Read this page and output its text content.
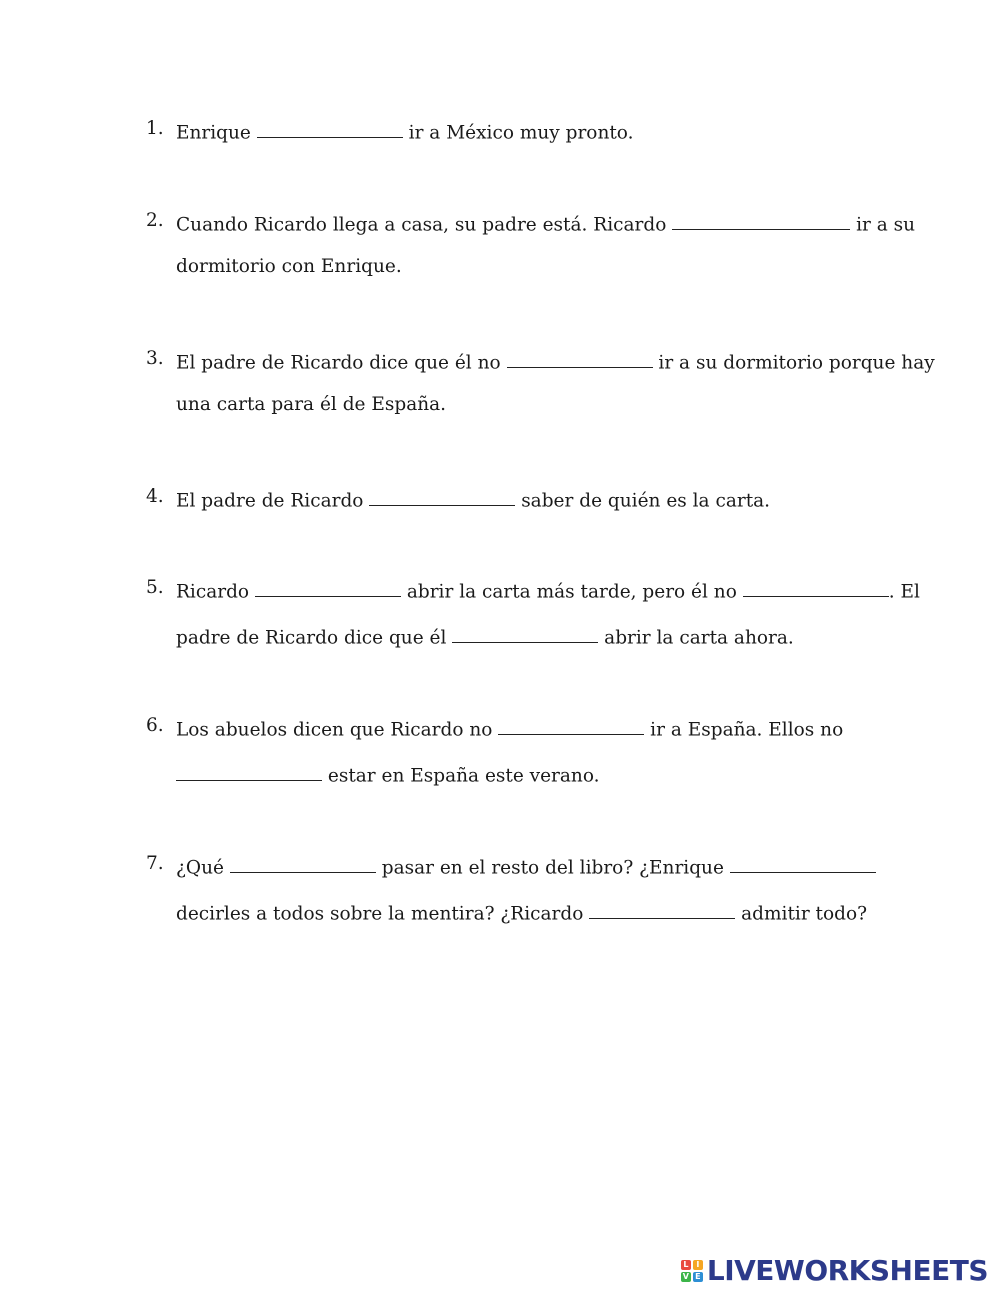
1. Enrique	ir a México muy pronto.
2. Cuando Ricardo llega a casa, su padre está. Ricardo	ir a su
dormitorio con Enrique.
3. El padre de Ricardo dice que él no	ir a su dormitorio porque hay
una carta para él de España.
4. El padre de Ricardo	saber de quién es la carta.
5. Ricardo	abrir la carta más tarde, pero él no	. El
padre de Ricardo dice que él	abrir la carta ahora.
6. Los abuelos dicen que Ricardo no	ir a España. Ellos no
estar en España este verano.
7. ¿Qué	pasar en el resto del libro? ¿Enrique
decirles a todos sobre la mentira? ¿Ricardo	admitir todo?
L I
V E LIVEWORKSHEETS
